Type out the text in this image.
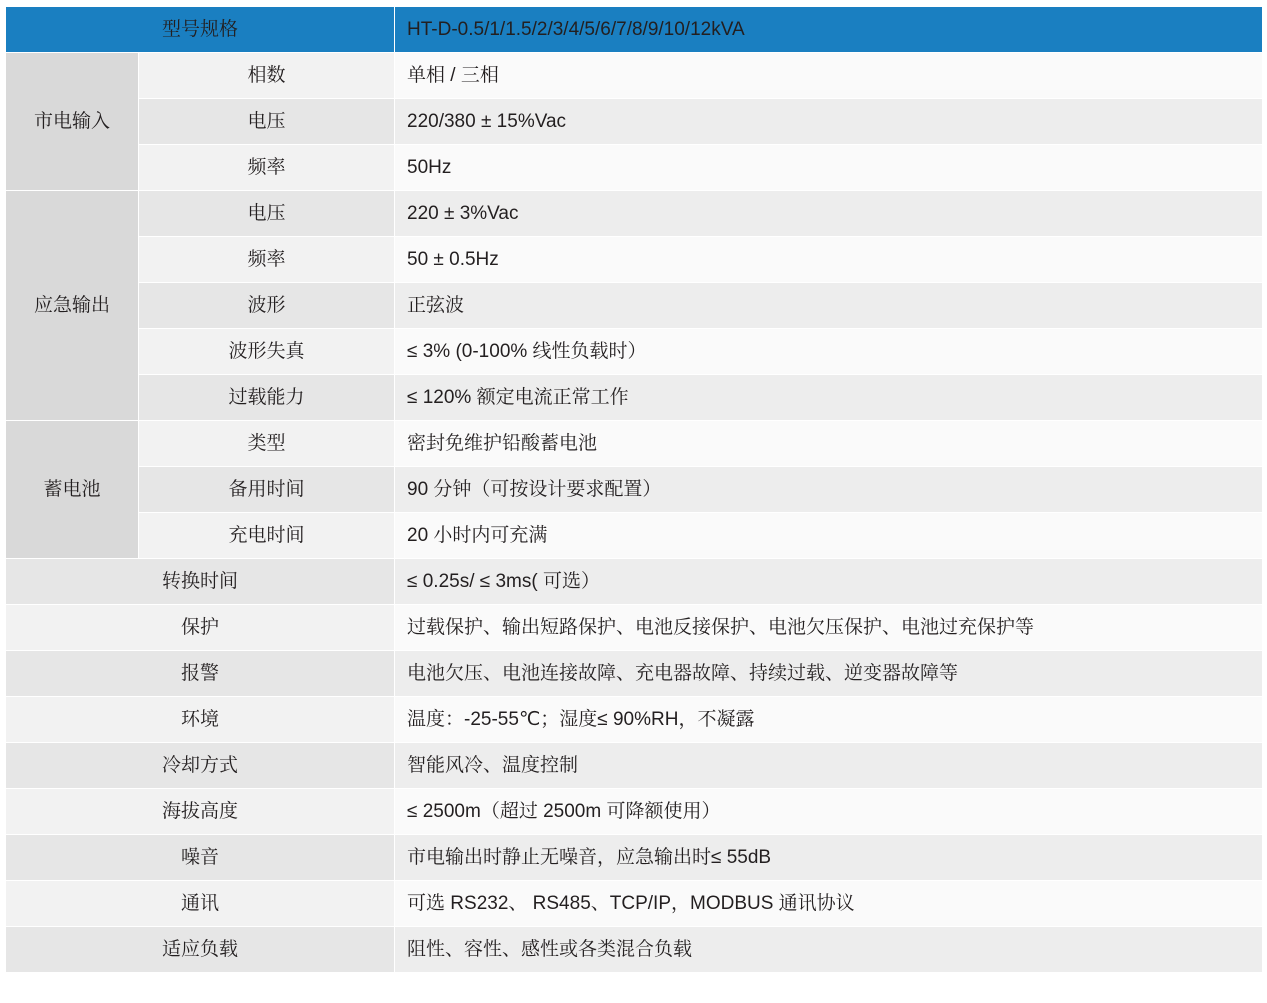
型号规格		HT-D-0.5/1/1.5/2/3/4/5/6/7/8/9/10/12kVA
市电输入	相数	单相 / 三相
	电压	220/380 ± 15%Vac
	频率	50Hz
应急输出	电压	220 ± 3%Vac
	频率	50 ± 0.5Hz
	波形	正弦波
	波形失真	≤ 3% (0-100% 线性负载时）
	过载能力	≤ 120% 额定电流正常工作
蓄电池	类型	密封免维护铅酸蓄电池
	备用时间	90 分钟（可按设计要求配置）
	充电时间	20 小时内可充满
转换时间		≤ 0.25s/ ≤ 3ms( 可选）
保护		过载保护、输出短路保护、电池反接保护、电池欠压保护、电池过充保护等
报警		电池欠压、电池连接故障、充电器故障、持续过载、逆变器故障等
环境		温度：-25-55℃；湿度≤ 90%RH，不凝露
冷却方式		智能风冷、温度控制
海拔高度		≤ 2500m（超过 2500m 可降额使用）
噪音		市电输出时静止无噪音，应急输出时≤ 55dB
通讯		可选 RS232、 RS485、TCP/IP，MODBUS 通讯协议
适应负载		阻性、容性、感性或各类混合负载
